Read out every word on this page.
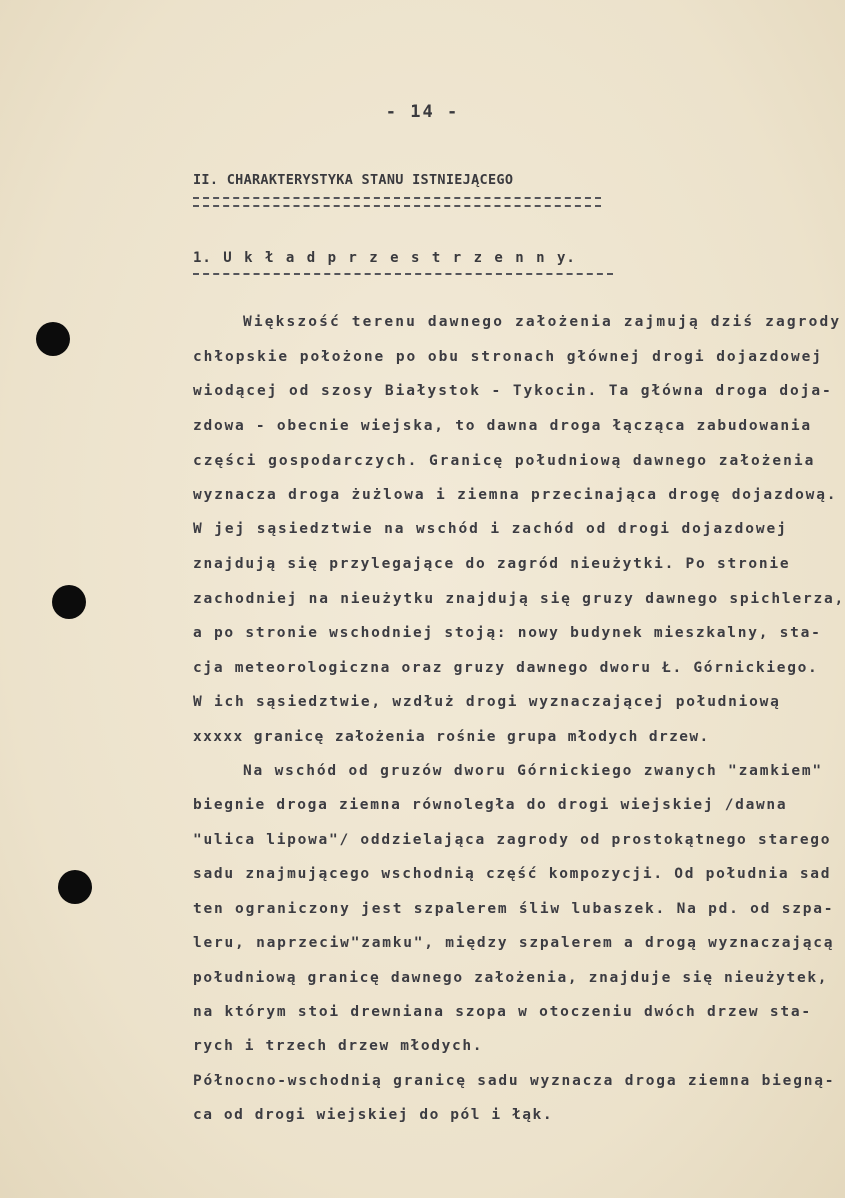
- 14 -
II. CHARAKTERYSTYKA STANU ISTNIEJĄCEGO
1. U k ł a d p r z e s t r z e n n y.
Większość terenu dawnego założenia zajmują dziś zagrody
chłopskie położone po obu stronach głównej drogi dojazdowej
wiodącej od szosy Białystok - Tykocin. Ta główna droga doja-
zdowa - obecnie wiejska, to dawna droga łącząca zabudowania
części gospodarczych. Granicę południową dawnego założenia
wyznacza droga żużlowa i ziemna przecinająca drogę dojazdową.
W jej sąsiedztwie na wschód i zachód od drogi dojazdowej
znajdują się przylegające do zagród nieużytki. Po stronie
zachodniej na nieużytku znajdują się gruzy dawnego spichlerza,
a po stronie wschodniej stoją: nowy budynek mieszkalny, sta-
cja meteorologiczna oraz gruzy dawnego dworu Ł. Górnickiego.
W ich sąsiedztwie, wzdłuż drogi wyznaczającej południową
xxxxx granicę założenia rośnie grupa młodych drzew.
Na wschód od gruzów dworu Górnickiego zwanych "zamkiem"
biegnie droga ziemna równoległa do drogi wiejskiej /dawna
"ulica lipowa"/ oddzielająca zagrody od prostokątnego starego
sadu znajmującego wschodnią część kompozycji. Od południa sad
ten ograniczony jest szpalerem śliw lubaszek. Na pd. od szpa-
leru, naprzeciw"zamku", między szpalerem a drogą wyznaczającą
południową granicę dawnego założenia, znajduje się nieużytek,
na którym stoi drewniana szopa w otoczeniu dwóch drzew sta-
rych i trzech drzew młodych.
Północno-wschodnią granicę sadu wyznacza droga ziemna biegną-
ca od drogi wiejskiej do pól i łąk.
